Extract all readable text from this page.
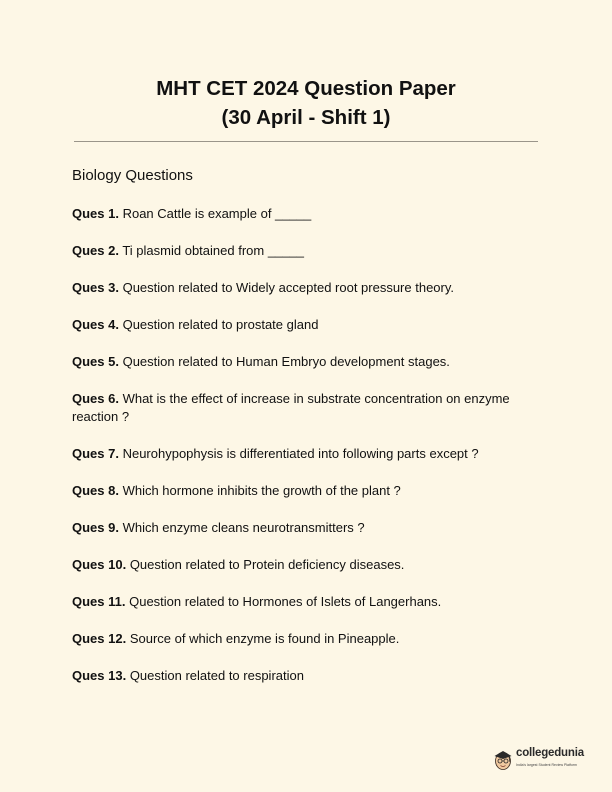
MHT CET 2024 Question Paper
(30 April - Shift 1)
Biology Questions
Ques 1. Roan Cattle is example of _____
Ques 2. Ti plasmid obtained from _____
Ques 3. Question related to Widely accepted root pressure theory.
Ques 4. Question related to prostate gland
Ques 5. Question related to Human Embryo development stages.
Ques 6. What is the effect of increase in substrate concentration on enzyme reaction ?
Ques 7. Neurohypophysis is differentiated into following parts except ?
Ques 8. Which hormone inhibits the growth of the plant ?
Ques 9. Which enzyme cleans neurotransmitters ?
Ques 10. Question related to Protein deficiency diseases.
Ques 11. Question related to Hormones of Islets of Langerhans.
Ques 12. Source of which enzyme is found in Pineapple.
Ques 13. Question related to respiration
collegedunia
India's largest Student Review Platform
